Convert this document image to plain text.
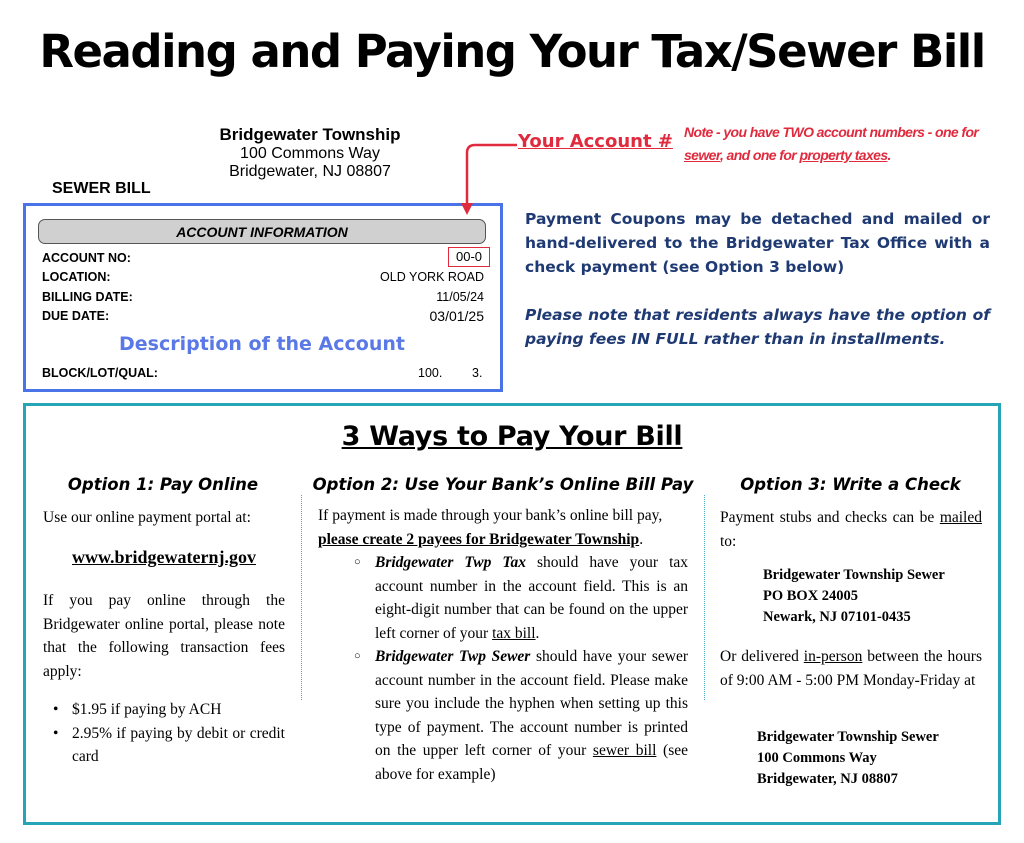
Reading and Paying Your Tax/Sewer Bill
Bridgewater Township
100 Commons Way
Bridgewater, NJ 08807
SEWER BILL
ACCOUNT INFORMATION
ACCOUNT NO:	00-0
LOCATION:	OLD YORK ROAD
BILLING DATE:	11/05/24
DUE DATE:	03/01/25
Description of the Account
BLOCK/LOT/QUAL:	100. 3.
Your Account # Note - you have TWO account numbers - one for sewer, and one for property taxes.
Payment Coupons may be detached and mailed or hand-delivered to the Bridgewater Tax Office with a check payment (see Option 3 below)
Please note that residents always have the option of paying fees IN FULL rather than in installments.
3 Ways to Pay Your Bill
Option 1: Pay Online	Option 2: Use Your Bank’s Online Bill Pay	Option 3: Write a Check
Use our online payment portal at:
www.bridgewaternj.gov
If you pay online through the Bridgewater online portal, please note that the following transaction fees apply:
• $1.95 if paying by ACH
• 2.95% if paying by debit or credit card
If payment is made through your bank’s online bill pay,
please create 2 payees for Bridgewater Township.
○ Bridgewater Twp Tax should have your tax account number in the account field. This is an eight-digit number that can be found on the upper left corner of your tax bill.
○ Bridgewater Twp Sewer should have your sewer account number in the account field. Please make sure you include the hyphen when setting up this type of payment. The account number is printed on the upper left corner of your sewer bill (see above for example)
Payment stubs and checks can be mailed to:
Bridgewater Township Sewer
PO BOX 24005
Newark, NJ 07101-0435
Or delivered in-person between the hours of 9:00 AM - 5:00 PM Monday-Friday at
Bridgewater Township Sewer
100 Commons Way
Bridgewater, NJ 08807
